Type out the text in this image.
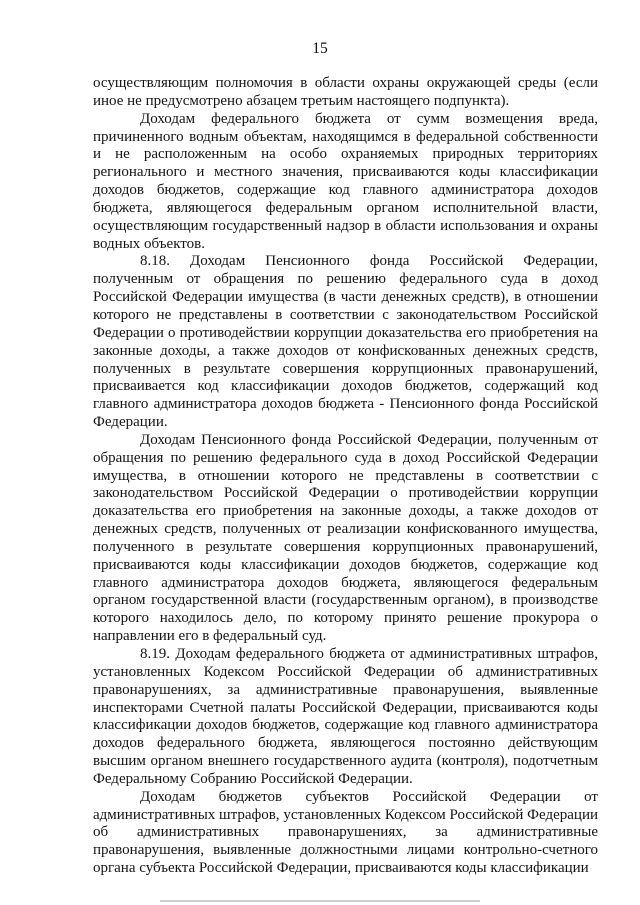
15

осуществляющим полномочия в области охраны окружающей среды (если иное не предусмотрено абзацем третьим настоящего подпункта).

Доходам федерального бюджета от сумм возмещения вреда, причиненного водным объектам, находящимся в федеральной собственности и не расположенным на особо охраняемых природных территориях регионального и местного значения, присваиваются коды классификации доходов бюджетов, содержащие код главного администратора доходов бюджета, являющегося федеральным органом исполнительной власти, осуществляющим государственный надзор в области использования и охраны водных объектов.

8.18. Доходам Пенсионного фонда Российской Федерации, полученным от обращения по решению федерального суда в доход Российской Федерации имущества (в части денежных средств), в отношении которого не представлены в соответствии с законодательством Российской Федерации о противодействии коррупции доказательства его приобретения на законные доходы, а также доходов от конфискованных денежных средств, полученных в результате совершения коррупционных правонарушений, присваивается код классификации доходов бюджетов, содержащий код главного администратора доходов бюджета - Пенсионного фонда Российской Федерации.

Доходам Пенсионного фонда Российской Федерации, полученным от обращения по решению федерального суда в доход Российской Федерации имущества, в отношении которого не представлены в соответствии с законодательством Российской Федерации о противодействии коррупции доказательства его приобретения на законные доходы, а также доходов от денежных средств, полученных от реализации конфискованного имущества, полученного в результате совершения коррупционных правонарушений, присваиваются коды классификации доходов бюджетов, содержащие код главного администратора доходов бюджета, являющегося федеральным органом государственной власти (государственным органом), в производстве которого находилось дело, по которому принято решение прокурора о направлении его в федеральный суд.

8.19. Доходам федерального бюджета от административных штрафов, установленных Кодексом Российской Федерации об административных правонарушениях, за административные правонарушения, выявленные инспекторами Счетной палаты Российской Федерации, присваиваются коды классификации доходов бюджетов, содержащие код главного администратора доходов федерального бюджета, являющегося постоянно действующим высшим органом внешнего государственного аудита (контроля), подотчетным Федеральному Собранию Российской Федерации.

Доходам бюджетов субъектов Российской Федерации от административных штрафов, установленных Кодексом Российской Федерации об административных правонарушениях, за административные правонарушения, выявленные должностными лицами контрольно-счетного органа субъекта Российской Федерации, присваиваются коды классификации
